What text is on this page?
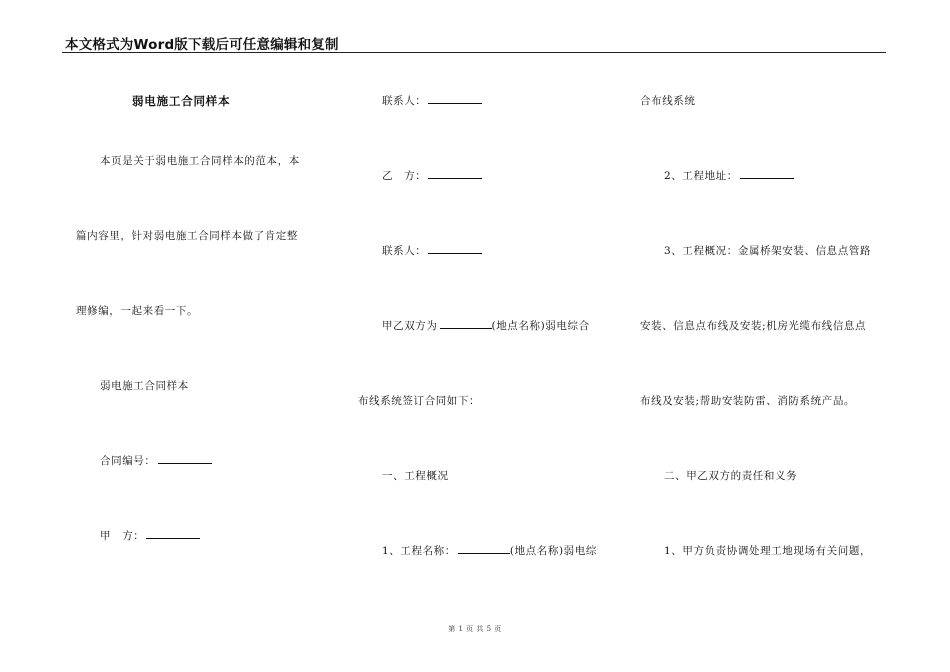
本文格式为Word版下载后可任意编辑和复制
弱电施工合同样本
本页是关于弱电施工合同样本的范本，本
篇内容里，针对弱电施工合同样本做了肯定整
理修编，一起来看一下。
弱电施工合同样本
合同编号：
甲　方：
联系人：
乙　方：
联系人：
甲乙双方为	(地点名称)弱电综合
布线系统签订合同如下：
一、工程概况
1、工程名称：	(地点名称)弱电综
合布线系统
2、工程地址：
3、工程概况：金属桥架安装、信息点管路
安装、信息点布线及安装;机房光缆布线信息点
布线及安装;帮助安装防雷、消防系统产品。
二、甲乙双方的责任和义务
1、甲方负责协调处理工地现场有关问题，
第 1 页 共 5 页
